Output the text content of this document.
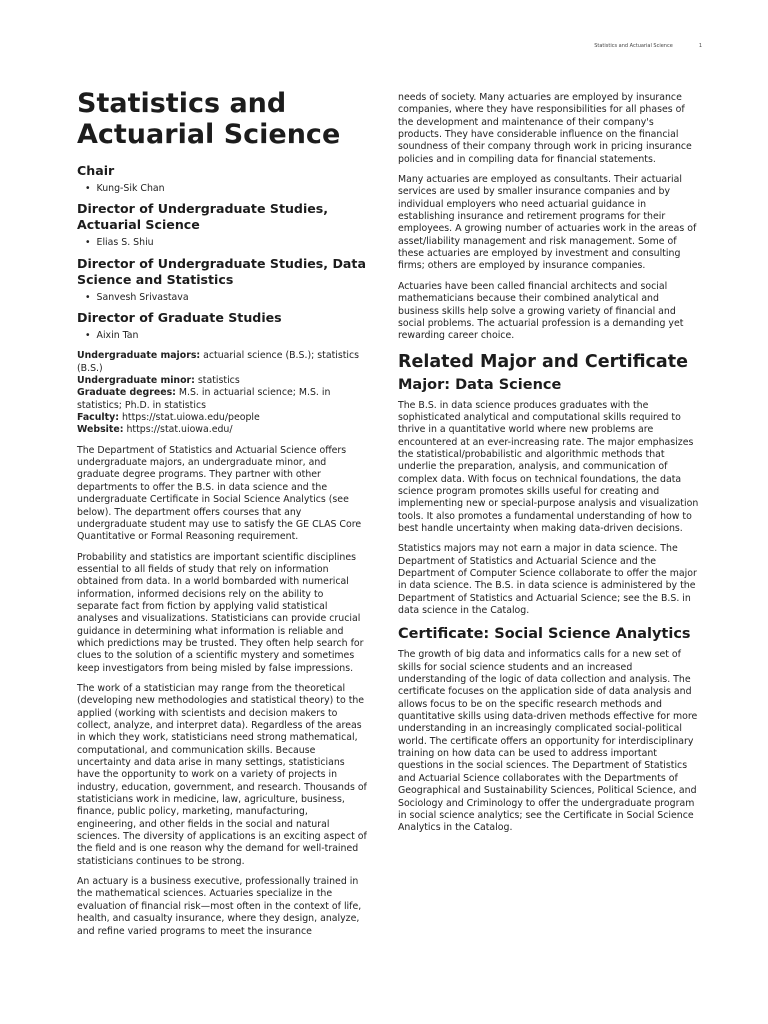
Statistics and Actuarial Science	1
Statistics and Actuarial Science
Chair
• Kung-Sik Chan
Director of Undergraduate Studies, Actuarial Science
• Elias S. Shiu
Director of Undergraduate Studies, Data Science and Statistics
• Sanvesh Srivastava
Director of Graduate Studies
• Aixin Tan
Undergraduate majors: actuarial science (B.S.); statistics (B.S.)
Undergraduate minor: statistics
Graduate degrees: M.S. in actuarial science; M.S. in statistics; Ph.D. in statistics
Faculty: https://stat.uiowa.edu/people
Website: https://stat.uiowa.edu/

The Department of Statistics and Actuarial Science offers undergraduate majors, an undergraduate minor, and graduate degree programs. They partner with other departments to offer the B.S. in data science and the undergraduate Certificate in Social Science Analytics (see below). The department offers courses that any undergraduate student may use to satisfy the GE CLAS Core Quantitative or Formal Reasoning requirement.

Probability and statistics are important scientific disciplines essential to all fields of study that rely on information obtained from data. In a world bombarded with numerical information, informed decisions rely on the ability to separate fact from fiction by applying valid statistical analyses and visualizations. Statisticians can provide crucial guidance in determining what information is reliable and which predictions may be trusted. They often help search for clues to the solution of a scientific mystery and sometimes keep investigators from being misled by false impressions.

The work of a statistician may range from the theoretical (developing new methodologies and statistical theory) to the applied (working with scientists and decision makers to collect, analyze, and interpret data). Regardless of the areas in which they work, statisticians need strong mathematical, computational, and communication skills. Because uncertainty and data arise in many settings, statisticians have the opportunity to work on a variety of projects in industry, education, government, and research. Thousands of statisticians work in medicine, law, agriculture, business, finance, public policy, marketing, manufacturing, engineering, and other fields in the social and natural sciences. The diversity of applications is an exciting aspect of the field and is one reason why the demand for well-trained statisticians continues to be strong.

An actuary is a business executive, professionally trained in the mathematical sciences. Actuaries specialize in the evaluation of financial risk—most often in the context of life, health, and casualty insurance, where they design, analyze, and refine varied programs to meet the insurance

needs of society. Many actuaries are employed by insurance companies, where they have responsibilities for all phases of the development and maintenance of their company's products. They have considerable influence on the financial soundness of their company through work in pricing insurance policies and in compiling data for financial statements.

Many actuaries are employed as consultants. Their actuarial services are used by smaller insurance companies and by individual employers who need actuarial guidance in establishing insurance and retirement programs for their employees. A growing number of actuaries work in the areas of asset/liability management and risk management. Some of these actuaries are employed by investment and consulting firms; others are employed by insurance companies.

Actuaries have been called financial architects and social mathematicians because their combined analytical and business skills help solve a growing variety of financial and social problems. The actuarial profession is a demanding yet rewarding career choice.

Related Major and Certificate
Major: Data Science

The B.S. in data science produces graduates with the sophisticated analytical and computational skills required to thrive in a quantitative world where new problems are encountered at an ever-increasing rate. The major emphasizes the statistical/probabilistic and algorithmic methods that underlie the preparation, analysis, and communication of complex data. With focus on technical foundations, the data science program promotes skills useful for creating and implementing new or special-purpose analysis and visualization tools. It also promotes a fundamental understanding of how to best handle uncertainty when making data-driven decisions.

Statistics majors may not earn a major in data science. The Department of Statistics and Actuarial Science and the Department of Computer Science collaborate to offer the major in data science. The B.S. in data science is administered by the Department of Statistics and Actuarial Science; see the B.S. in data science in the Catalog.

Certificate: Social Science Analytics

The growth of big data and informatics calls for a new set of skills for social science students and an increased understanding of the logic of data collection and analysis. The certificate focuses on the application side of data analysis and allows focus to be on the specific research methods and quantitative skills using data-driven methods effective for more understanding in an increasingly complicated social-political world. The certificate offers an opportunity for interdisciplinary training on how data can be used to address important questions in the social sciences. The Department of Statistics and Actuarial Science collaborates with the Departments of Geographical and Sustainability Sciences, Political Science, and Sociology and Criminology to offer the undergraduate program in social science analytics; see the Certificate in Social Science Analytics in the Catalog.
